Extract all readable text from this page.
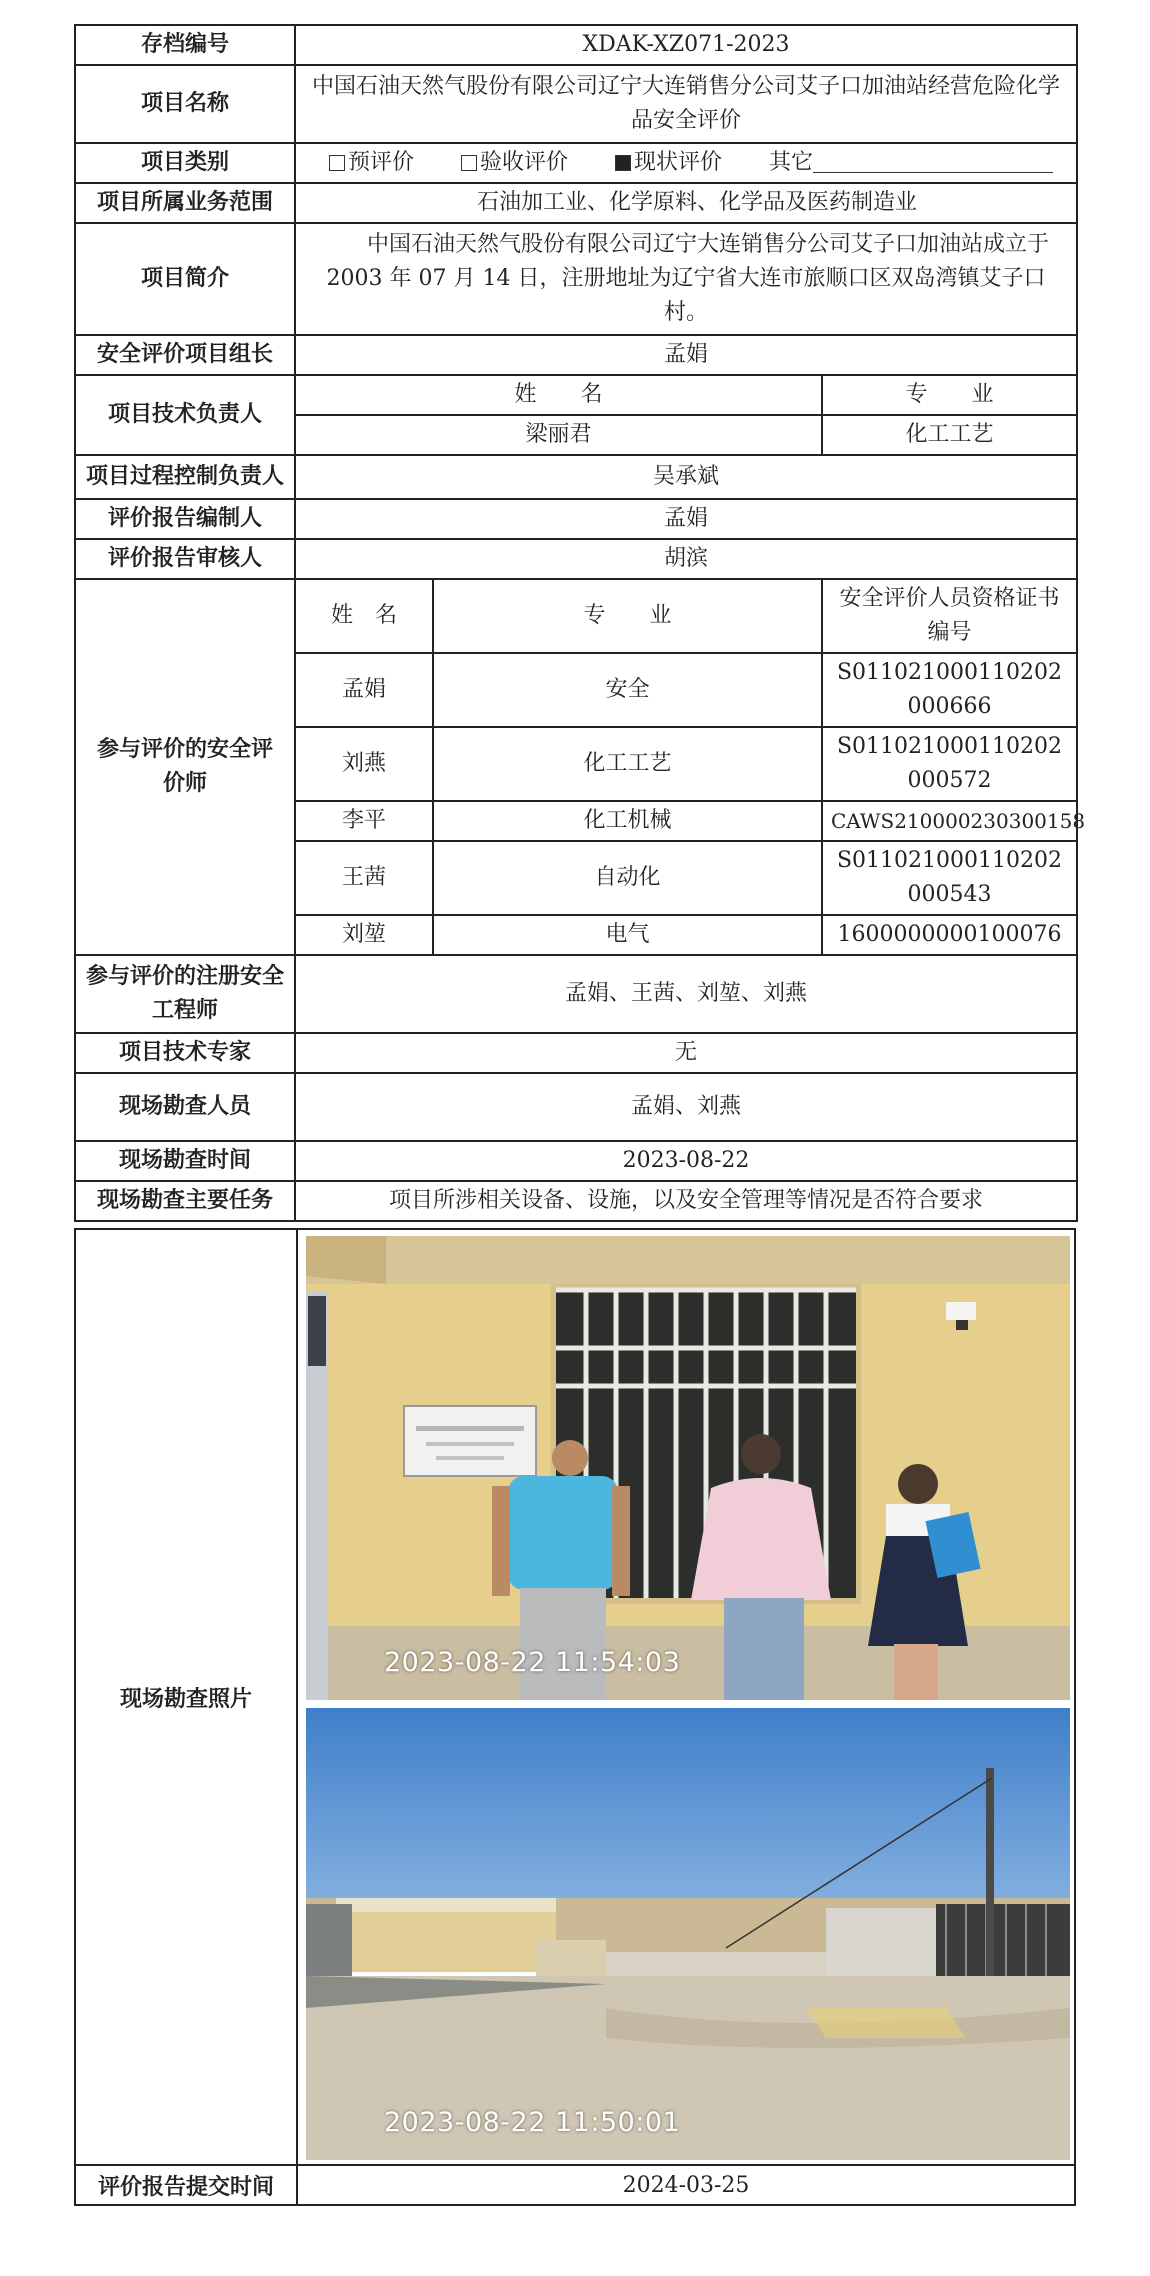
存档编号	XDAK-XZ071-2023		
项目名称	中国石油天然气股份有限公司辽宁大连销售分公司艾子口加油站经营危险化学品安全评价		
项目类别	预评价 验收评价 现状评价 其它		
项目所属业务范围	石油加工业、化学原料、化学品及医药制造业		
项目简介	中国石油天然气股份有限公司辽宁大连销售分公司艾子口加油站成立于 2003 年 07 月 14 日，注册地址为辽宁省大连市旅顺口区双岛湾镇艾子口村。		
安全评价项目组长	孟娟		
项目技术负责人	姓　　名		专　　业
	梁丽君		化工工艺
项目过程控制负责人	吴承斌		
评价报告编制人	孟娟		
评价报告审核人	胡滨		
参与评价的安全评价师	姓　名	专　　业	安全评价人员资格证书编号
	孟娟	安全	S011021000110202000666
	刘燕	化工工艺	S011021000110202000572
	李平	化工机械	CAWS210000230300158
	王茜	自动化	S011021000110202000543
	刘堃	电气	1600000000100076
参与评价的注册安全工程师	孟娟、王茜、刘堃、刘燕		
项目技术专家	无		
现场勘查人员	孟娟、刘燕		
现场勘查时间	2023-08-22		
现场勘查主要任务	项目所涉相关设备、设施，以及安全管理等情况是否符合要求		
现场勘查照片
2023-08-22 11:54:03
2023-08-22 11:50:01
评价报告提交时间	2024-03-25
